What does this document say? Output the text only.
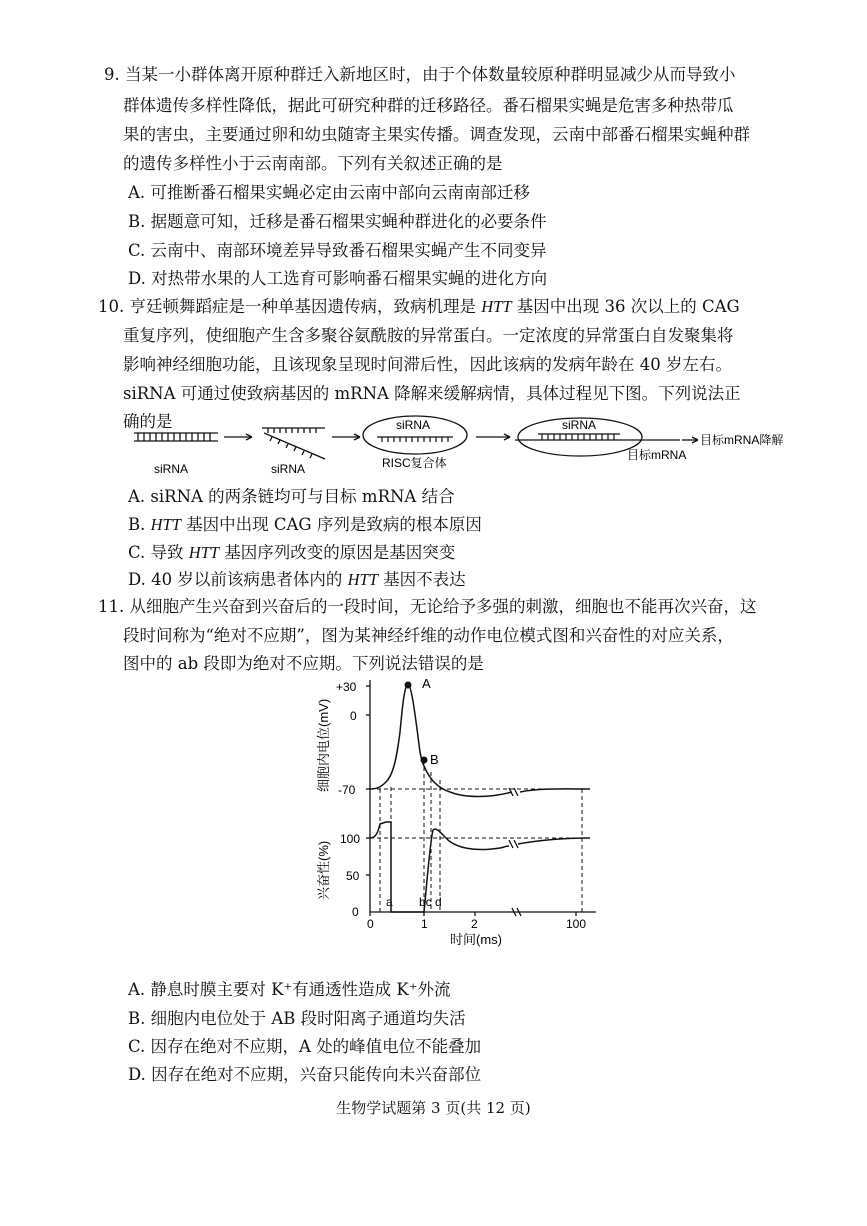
9. 当某一小群体离开原种群迁入新地区时，由于个体数量较原种群明显减少从而导致小
群体遗传多样性降低，据此可研究种群的迁移路径。番石榴果实蝇是危害多种热带瓜
果的害虫，主要通过卵和幼虫随寄主果实传播。调查发现，云南中部番石榴果实蝇种群
的遗传多样性小于云南南部。下列有关叙述正确的是
A. 可推断番石榴果实蝇必定由云南中部向云南南部迁移
B. 据题意可知，迁移是番石榴果实蝇种群进化的必要条件
C. 云南中、南部环境差异导致番石榴果实蝇产生不同变异
D. 对热带水果的人工选育可影响番石榴果实蝇的进化方向
10. 亨廷顿舞蹈症是一种单基因遗传病，致病机理是 HTT 基因中出现 36 次以上的 CAG
重复序列，使细胞产生含多聚谷氨酰胺的异常蛋白。一定浓度的异常蛋白自发聚集将
影响神经细胞功能，且该现象呈现时间滞后性，因此该病的发病年龄在 40 岁左右。
siRNA 可通过使致病基因的 mRNA 降解来缓解病情，具体过程见下图。下列说法正
确的是
siRNA	siRNA
siRNA
RISC复合体
siRNA
目标mRNA
目标mRNA降解
A. siRNA 的两条链均可与目标 mRNA 结合
B. HTT 基因中出现 CAG 序列是致病的根本原因
C. 导致 HTT 基因序列改变的原因是基因突变
D. 40 岁以前该病患者体内的 HTT 基因不表达
11. 从细胞产生兴奋到兴奋后的一段时间，无论给予多强的刺激，细胞也不能再次兴奋，这
段时间称为“绝对不应期”，图为某神经纤维的动作电位模式图和兴奋性的对应关系，
图中的 ab 段即为绝对不应期。下列说法错误的是
细胞内电位(mV)
兴奋性(%)
+30
0
-70
100
50
0
0	1	2	100
时间(ms)
a bc d
A
B
A. 静息时膜主要对 K⁺有通透性造成 K⁺外流
B. 细胞内电位处于 AB 段时阳离子通道均失活
C. 因存在绝对不应期，A 处的峰值电位不能叠加
D. 因存在绝对不应期，兴奋只能传向未兴奋部位
生物学试题第 3 页(共 12 页)
